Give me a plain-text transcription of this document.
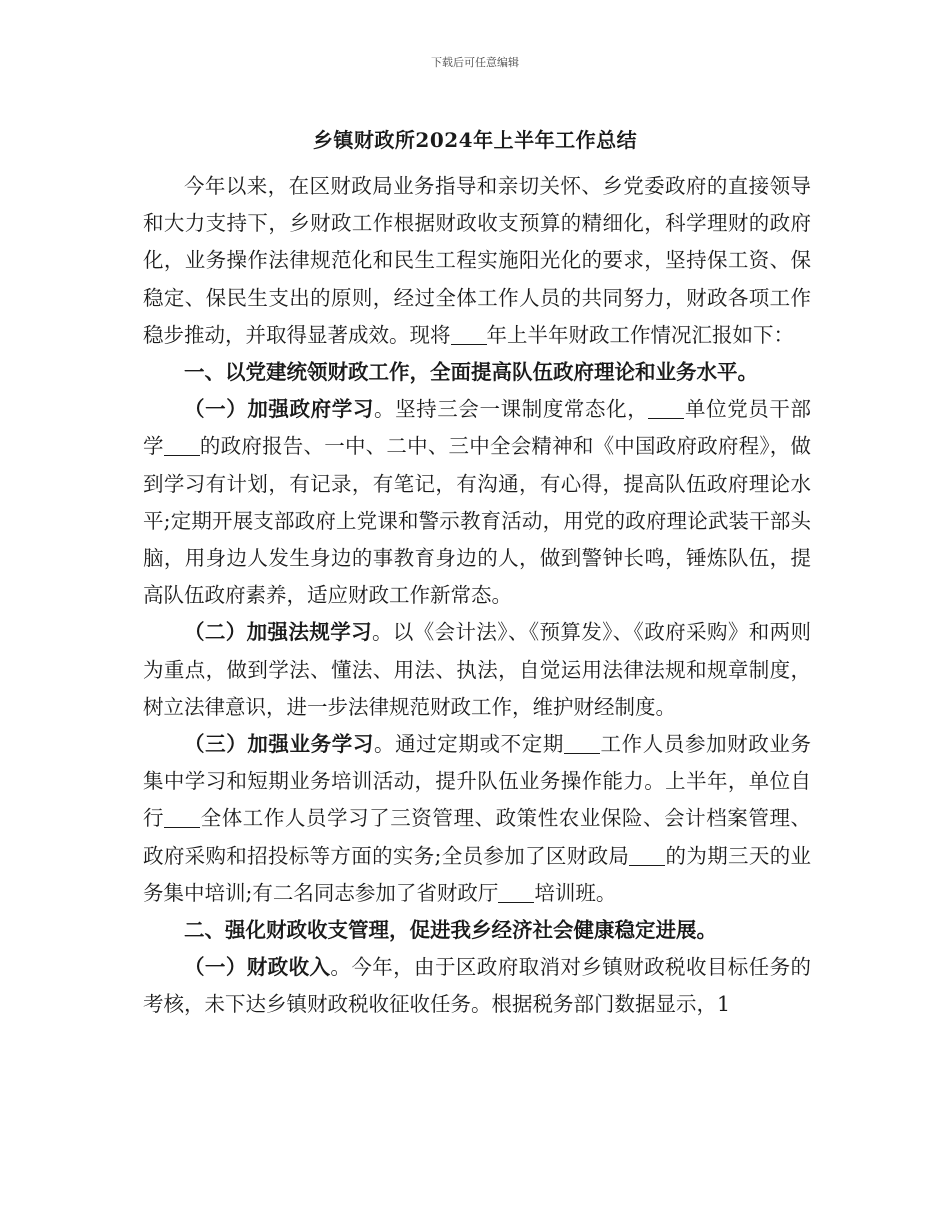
下载后可任意编辑
乡镇财政所2024年上半年工作总结

今年以来，在区财政局业务指导和亲切关怀、乡党委政府的直接领导和大力支持下，乡财政工作根据财政收支预算的精细化，科学理财的政府化，业务操作法律规范化和民生工程实施阳光化的要求，坚持保工资、保稳定、保民生支出的原则，经过全体工作人员的共同努力，财政各项工作稳步推动，并取得显著成效。现将 年上半年财政工作情况汇报如下：

一、以党建统领财政工作，全面提高队伍政府理论和业务水平。

（一）加强政府学习。坚持三会一课制度常态化， 单位党员干部学 的政府报告、一中、二中、三中全会精神和《中国政府政府程》，做到学习有计划，有记录，有笔记，有沟通，有心得，提高队伍政府理论水平;定期开展支部政府上党课和警示教育活动，用党的政府理论武装干部头脑，用身边人发生身边的事教育身边的人，做到警钟长鸣，锤炼队伍，提高队伍政府素养，适应财政工作新常态。

（二）加强法规学习。以《会计法》、《预算发》、《政府采购》和两则为重点，做到学法、懂法、用法、执法，自觉运用法律法规和规章制度，树立法律意识，进一步法律规范财政工作，维护财经制度。

（三）加强业务学习。通过定期或不定期 工作人员参加财政业务集中学习和短期业务培训活动，提升队伍业务操作能力。上半年，单位自行 全体工作人员学习了三资管理、政策性农业保险、会计档案管理、政府采购和招投标等方面的实务;全员参加了区财政局 的为期三天的业务集中培训;有二名同志参加了省财政厅 培训班。

二、强化财政收支管理，促进我乡经济社会健康稳定进展。

（一）财政收入。今年，由于区政府取消对乡镇财政税收目标任务的考核，未下达乡镇财政税收征收任务。根据税务部门数据显示，1
